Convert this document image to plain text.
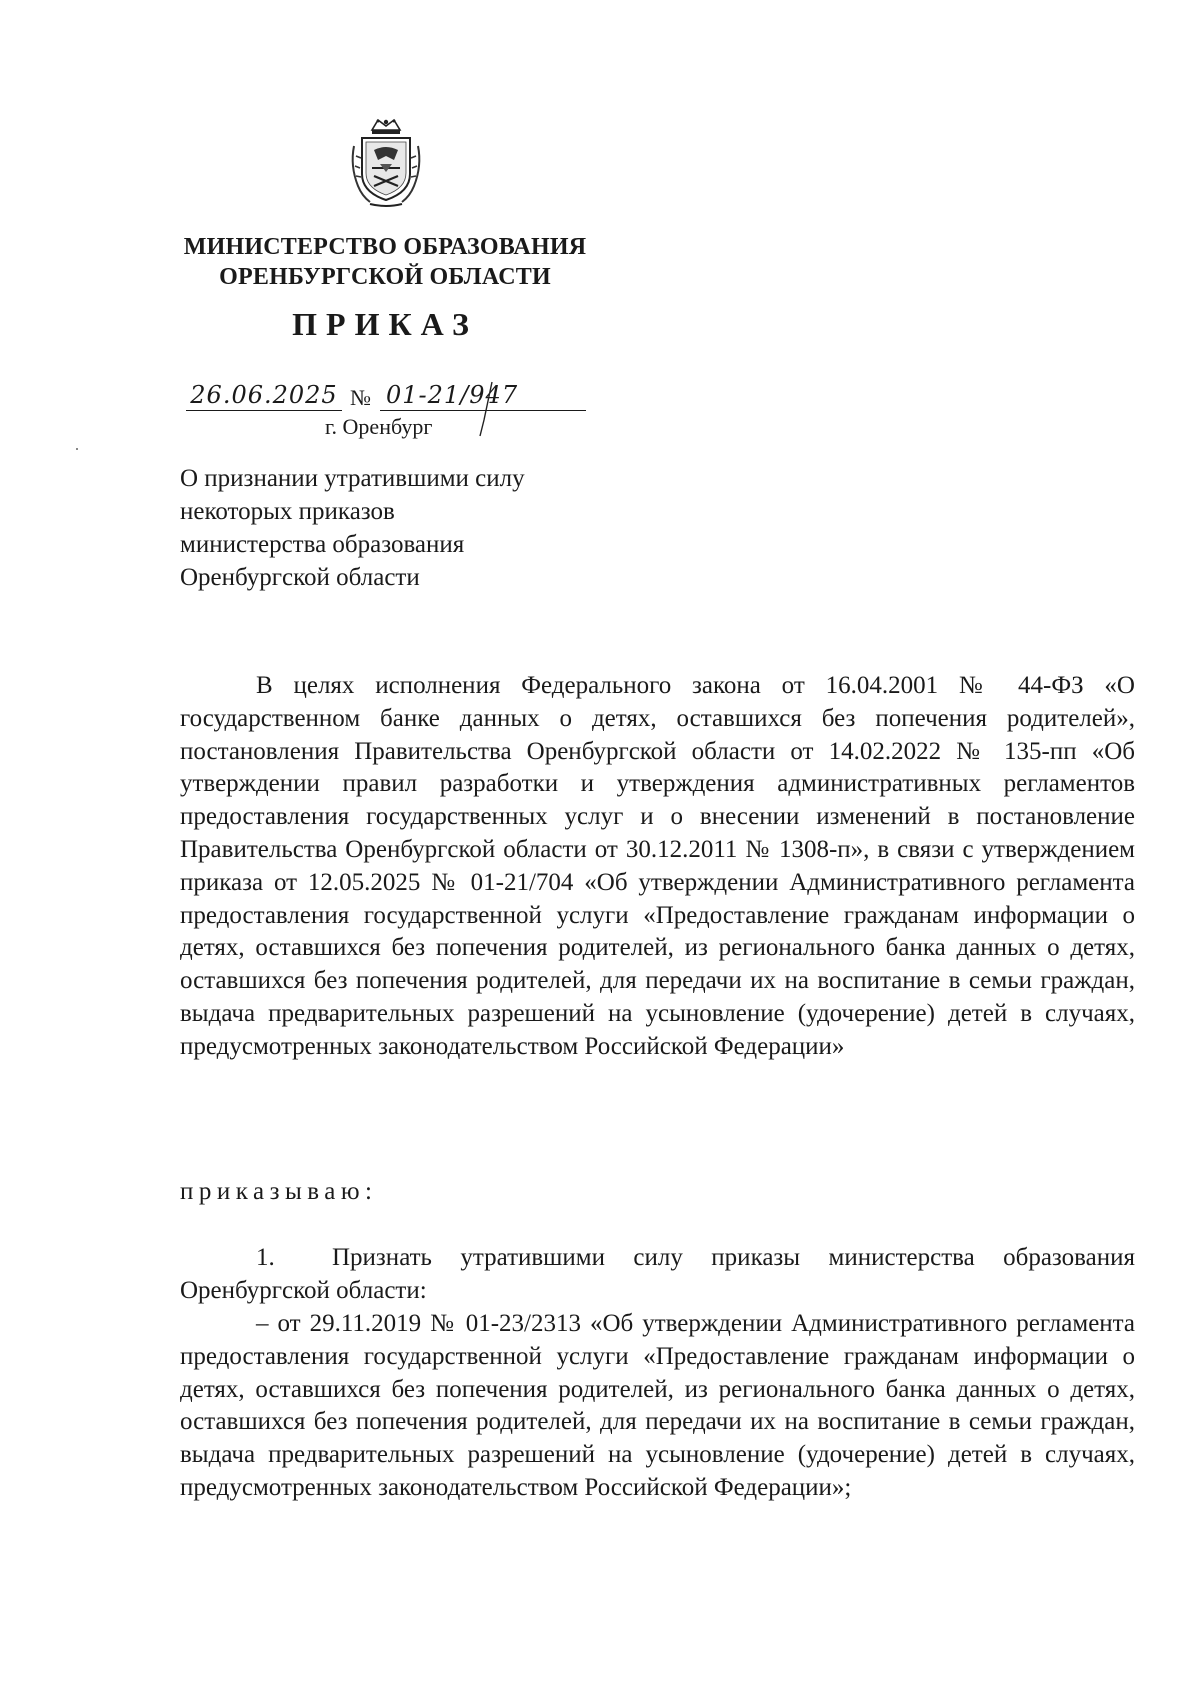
МИНИСТЕРСТВО ОБРАЗОВАНИЯ
ОРЕНБУРГСКОЙ ОБЛАСТИ
ПРИКАЗ
26.06.2025 № 01-21/947
г. Оренбург
О признании утратившими силу
некоторых приказов
министерства образования
Оренбургской области

В целях исполнения Федерального закона от 16.04.2001 № 44-ФЗ «О государственном банке данных о детях, оставшихся без попечения родителей», постановления Правительства Оренбургской области от 14.02.2022 № 135-пп «Об утверждении правил разработки и утверждения административных регламентов предоставления государственных услуг и о внесении изменений в постановление Правительства Оренбургской области от 30.12.2011 № 1308-п», в связи с утверждением приказа от 12.05.2025 № 01-21/704 «Об утверждении Административного регламента предоставления государственной услуги «Предоставление гражданам информации о детях, оставшихся без попечения родителей, из регионального банка данных о детях, оставшихся без попечения родителей, для передачи их на воспитание в семьи граждан, выдача предварительных разрешений на усыновление (удочерение) детей в случаях, предусмотренных законодательством Российской Федерации»

приказываю:

1. Признать утратившими силу приказы министерства образования Оренбургской области:

– от 29.11.2019 № 01-23/2313 «Об утверждении Административного регламента предоставления государственной услуги «Предоставление гражданам информации о детях, оставшихся без попечения родителей, из регионального банка данных о детях, оставшихся без попечения родителей, для передачи их на воспитание в семьи граждан, выдача предварительных разрешений на усыновление (удочерение) детей в случаях, предусмотренных законодательством Российской Федерации»;
